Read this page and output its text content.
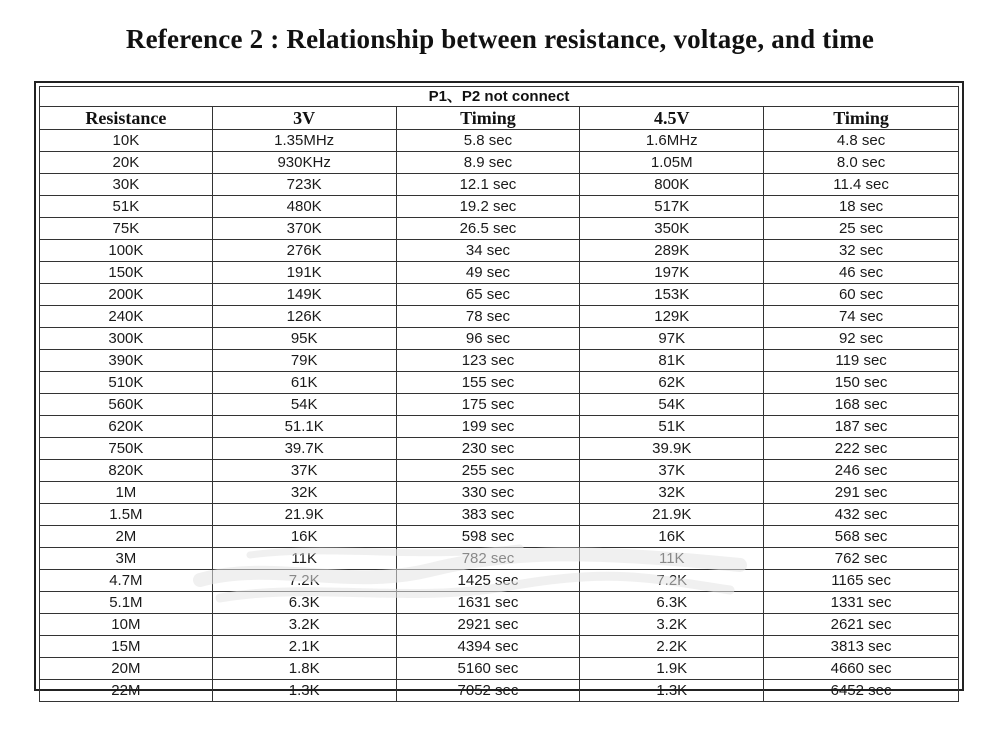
Reference 2 : Relationship between resistance, voltage, and time
P1、P2 not connect				
Resistance	3V	Timing	4.5V	Timing
10K	1.35MHz	5.8 sec	1.6MHz	4.8 sec
20K	930KHz	8.9 sec	1.05M	8.0 sec
30K	723K	12.1 sec	800K	11.4 sec
51K	480K	19.2 sec	517K	18 sec
75K	370K	26.5 sec	350K	25 sec
100K	276K	34 sec	289K	32 sec
150K	191K	49 sec	197K	46 sec
200K	149K	65 sec	153K	60 sec
240K	126K	78 sec	129K	74 sec
300K	95K	96 sec	97K	92 sec
390K	79K	123 sec	81K	119 sec
510K	61K	155 sec	62K	150 sec
560K	54K	175 sec	54K	168 sec
620K	51.1K	199 sec	51K	187 sec
750K	39.7K	230 sec	39.9K	222 sec
820K	37K	255 sec	37K	246 sec
1M	32K	330 sec	32K	291 sec
1.5M	21.9K	383 sec	21.9K	432 sec
2M	16K	598 sec	16K	568 sec
3M	11K	782 sec	11K	762 sec
4.7M	7.2K	1425 sec	7.2K	1165 sec
5.1M	6.3K	1631 sec	6.3K	1331 sec
10M	3.2K	2921 sec	3.2K	2621 sec
15M	2.1K	4394 sec	2.2K	3813 sec
20M	1.8K	5160 sec	1.9K	4660 sec
22M	1.3K	7052 sec	1.3K	6452 sec
